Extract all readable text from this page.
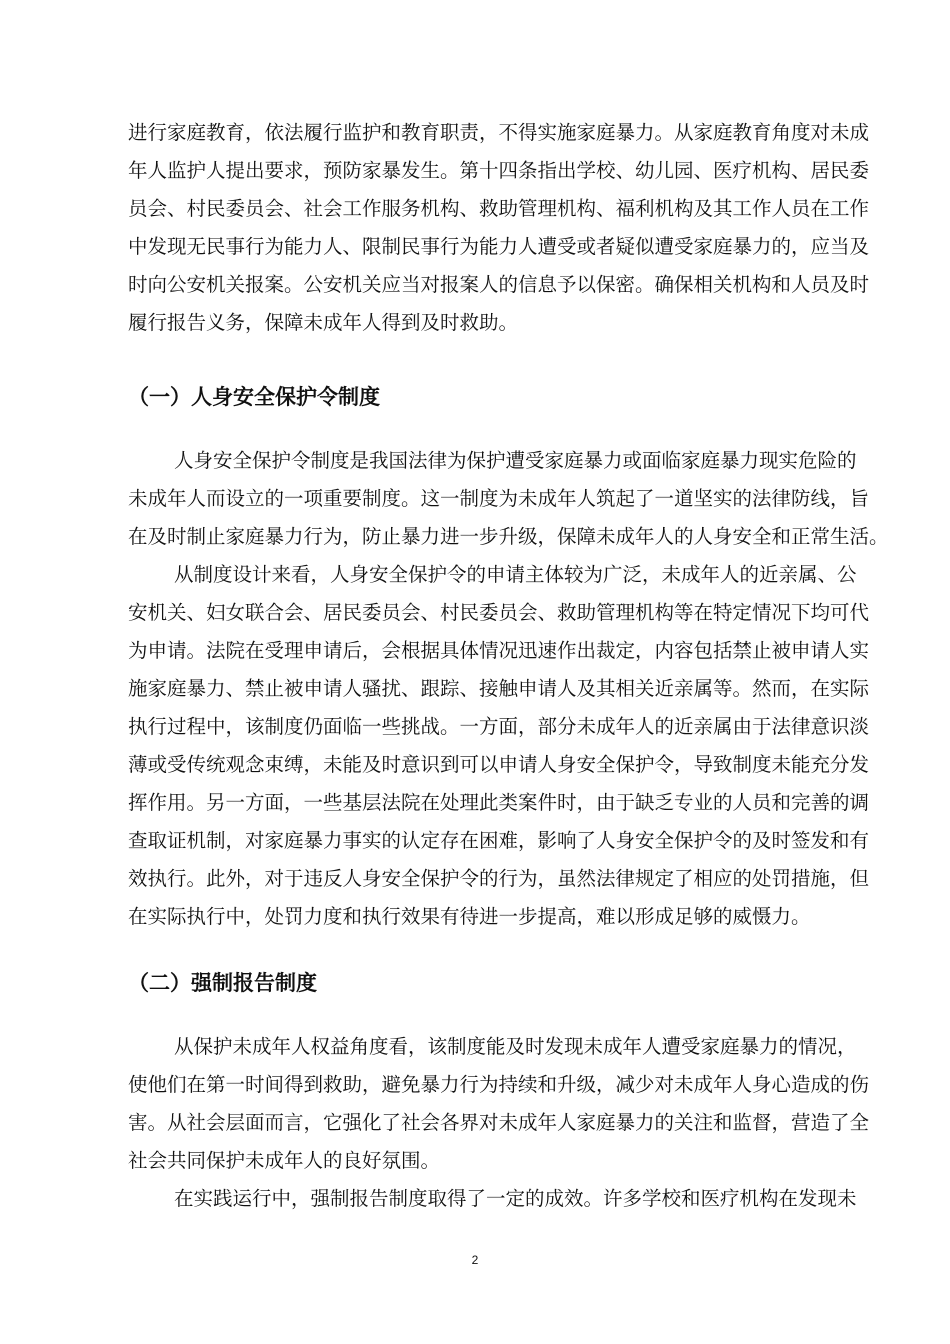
进行家庭教育，依法履行监护和教育职责，不得实施家庭暴力。从家庭教育角度对未成
年人监护人提出要求，预防家暴发生。第十四条指出学校、幼儿园、医疗机构、居民委
员会、村民委员会、社会工作服务机构、救助管理机构、福利机构及其工作人员在工作
中发现无民事行为能力人、限制民事行为能力人遭受或者疑似遭受家庭暴力的，应当及
时向公安机关报案。公安机关应当对报案人的信息予以保密。确保相关机构和人员及时
履行报告义务，保障未成年人得到及时救助。
（一）人身安全保护令制度
人身安全保护令制度是我国法律为保护遭受家庭暴力或面临家庭暴力现实危险的
未成年人而设立的一项重要制度。这一制度为未成年人筑起了一道坚实的法律防线，旨
在及时制止家庭暴力行为，防止暴力进一步升级，保障未成年人的人身安全和正常生活。
从制度设计来看，人身安全保护令的申请主体较为广泛，未成年人的近亲属、公
安机关、妇女联合会、居民委员会、村民委员会、救助管理机构等在特定情况下均可代
为申请。法院在受理申请后，会根据具体情况迅速作出裁定，内容包括禁止被申请人实
施家庭暴力、禁止被申请人骚扰、跟踪、接触申请人及其相关近亲属等。然而，在实际
执行过程中，该制度仍面临一些挑战。一方面，部分未成年人的近亲属由于法律意识淡
薄或受传统观念束缚，未能及时意识到可以申请人身安全保护令，导致制度未能充分发
挥作用。另一方面，一些基层法院在处理此类案件时，由于缺乏专业的人员和完善的调
查取证机制，对家庭暴力事实的认定存在困难，影响了人身安全保护令的及时签发和有
效执行。此外，对于违反人身安全保护令的行为，虽然法律规定了相应的处罚措施，但
在实际执行中，处罚力度和执行效果有待进一步提高，难以形成足够的威慑力。
（二）强制报告制度
从保护未成年人权益角度看，该制度能及时发现未成年人遭受家庭暴力的情况，
使他们在第一时间得到救助，避免暴力行为持续和升级，减少对未成年人身心造成的伤
害。从社会层面而言，它强化了社会各界对未成年人家庭暴力的关注和监督，营造了全
社会共同保护未成年人的良好氛围。
在实践运行中，强制报告制度取得了一定的成效。许多学校和医疗机构在发现未
2
